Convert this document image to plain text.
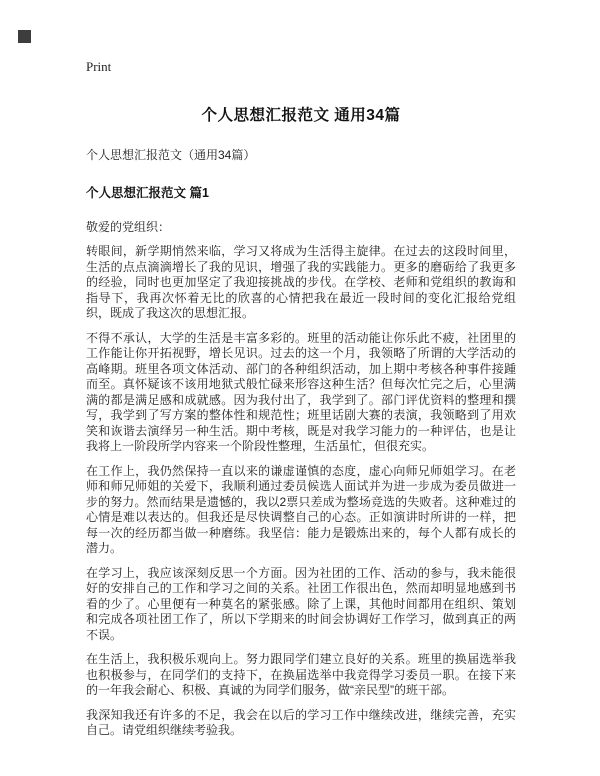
Print
个人思想汇报范文 通用34篇
个人思想汇报范文（通用34篇）
个人思想汇报范文 篇1
敬爱的党组织：

转眼间，新学期悄然来临，学习又将成为生活得主旋律。在过去的这段时间里，生活的点点滴滴增长了我的见识，增强了我的实践能力。更多的磨砺给了我更多的经验，同时也更加坚定了我迎接挑战的步伐。在学校、老师和党组织的教诲和指导下，我再次怀着无比的欣喜的心情把我在最近一段时间的变化汇报给党组织，既成了我这次的思想汇报。

不得不承认，大学的生活是丰富多彩的。班里的活动能让你乐此不疲，社团里的工作能让你开拓视野，增长见识。过去的这一个月，我领略了所谓的大学活动的高峰期。班里各项文体活动、部门的各种组织活动，加上期中考核各种事件接踵而至。真怀疑该不该用地狱式般忙碌来形容这种生活？但每次忙完之后，心里满满的都是满足感和成就感。因为我付出了，我学到了。部门评优资料的整理和撰写，我学到了写方案的整体性和规范性；班里话剧大赛的表演，我领略到了用欢笑和诙谐去演绎另一种生活。期中考核，既是对我学习能力的一种评估，也是让我将上一阶段所学内容来一个阶段性整理，生活虽忙，但很充实。

在工作上，我仍然保持一直以来的谦虚谨慎的态度，虚心向师兄师姐学习。在老师和师兄师姐的关爱下，我顺利通过委员候选人面试并为进一步成为委员做进一步的努力。然而结果是遗憾的，我以2票只差成为整场竞选的失败者。这种难过的心情是难以表达的。但我还是尽快调整自己的心态。正如演讲时所讲的一样，把每一次的经历都当做一种磨练。我坚信：能力是锻炼出来的，每个人都有成长的潜力。

在学习上，我应该深刻反思一个方面。因为社团的工作、活动的参与，我未能很好的安排自己的工作和学习之间的关系。社团工作很出色，然而却明显地感到书看的少了。心里便有一种莫名的紧张感。除了上课，其他时间都用在组织、策划和完成各项社团工作了，所以下学期来的时间会协调好工作学习，做到真正的两不误。

在生活上，我积极乐观向上。努力跟同学们建立良好的关系。班里的换届选举我也积极参与，在同学们的支持下，在换届选举中我竞得学习委员一职。在接下来的一年我会耐心、积极、真诚的为同学们服务，做“亲民型”的班干部。

我深知我还有许多的不足，我会在以后的学习工作中继续改进，继续完善，充实自己。请党组织继续考验我。
